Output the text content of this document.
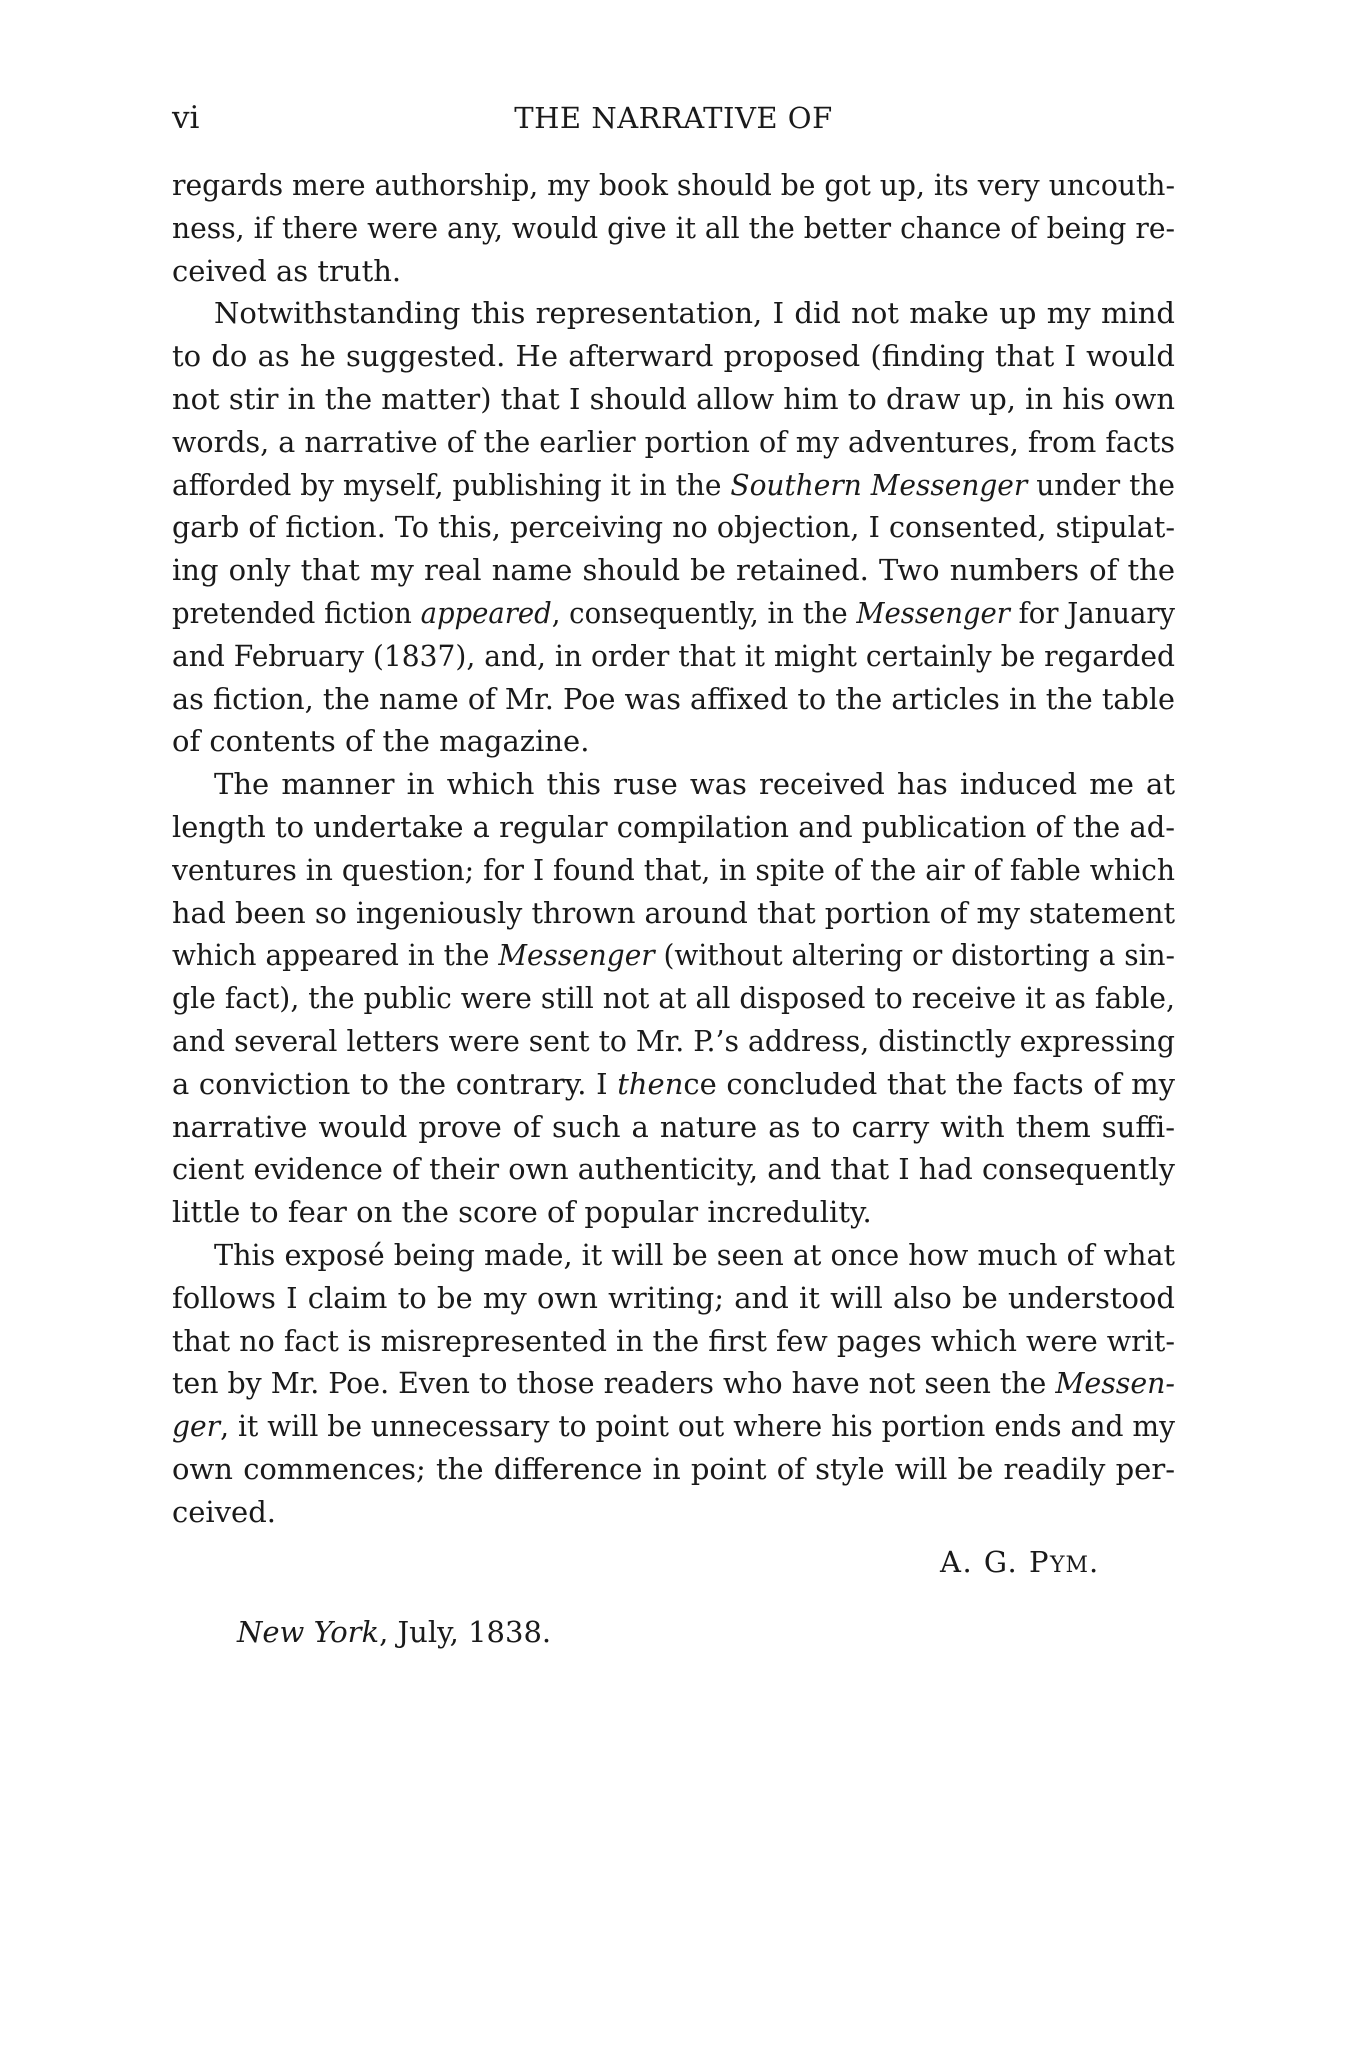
vi	THE NARRATIVE OF
regards mere authorship, my book should be got up, its very uncouth-
ness, if there were any, would give it all the better chance of being re-
ceived as truth.
Notwithstanding this representation, I did not make up my mind
to do as he suggested. He afterward proposed (finding that I would
not stir in the matter) that I should allow him to draw up, in his own
words, a narrative of the earlier portion of my adventures, from facts
afforded by myself, publishing it in the Southern Messenger under the
garb of fiction. To this, perceiving no objection, I consented, stipulat-
ing only that my real name should be retained. Two numbers of the
pretended fiction appeared, consequently, in the Messenger for January
and February (1837), and, in order that it might certainly be regarded
as fiction, the name of Mr. Poe was affixed to the articles in the table
of contents of the magazine.
The manner in which this ruse was received has induced me at
length to undertake a regular compilation and publication of the ad-
ventures in question; for I found that, in spite of the air of fable which
had been so ingeniously thrown around that portion of my statement
which appeared in the Messenger (without altering or distorting a sin-
gle fact), the public were still not at all disposed to receive it as fable,
and several letters were sent to Mr. P.’s address, distinctly expressing
a conviction to the contrary. I thence concluded that the facts of my
narrative would prove of such a nature as to carry with them suffi-
cient evidence of their own authenticity, and that I had consequently
little to fear on the score of popular incredulity.
This exposé being made, it will be seen at once how much of what
follows I claim to be my own writing; and it will also be understood
that no fact is misrepresented in the first few pages which were writ-
ten by Mr. Poe. Even to those readers who have not seen the Messen-
ger, it will be unnecessary to point out where his portion ends and my
own commences; the difference in point of style will be readily per-
ceived.
A. G. PYM.
New York, July, 1838.
